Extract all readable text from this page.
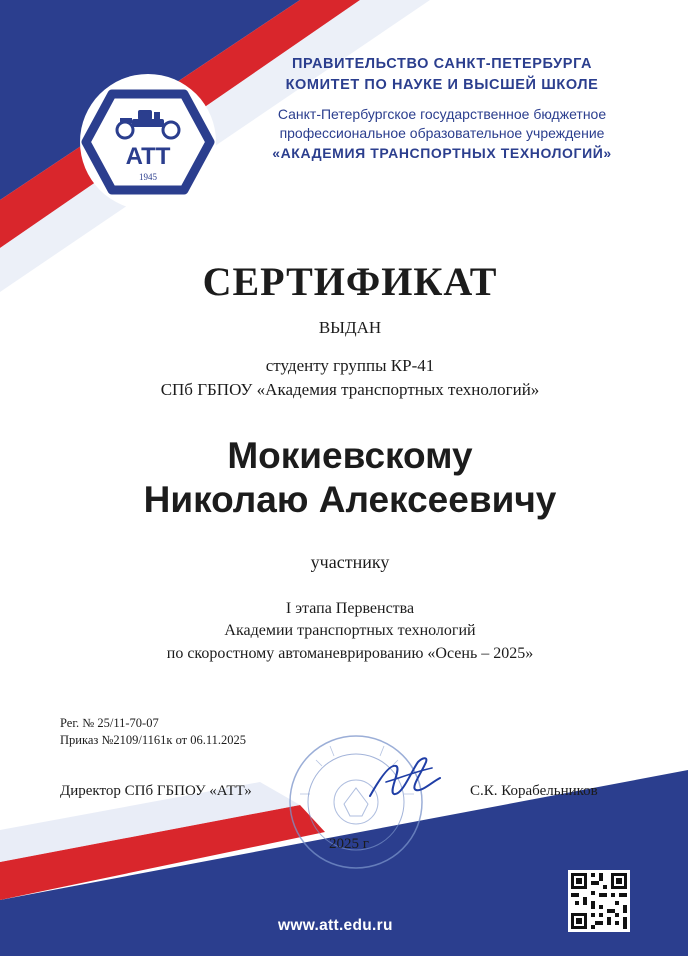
ПРАВИТЕЛЬСТВО САНКТ-ПЕТЕРБУРГА
КОМИТЕТ ПО НАУКЕ И ВЫСШЕЙ ШКОЛЕ
Санкт-Петербургское государственное бюджетное
профессиональное образовательное учреждение
«АКАДЕМИЯ ТРАНСПОРТНЫХ ТЕХНОЛОГИЙ»
ATT
1945
СЕРТИФИКАТ
ВЫДАН
студенту группы КР-41
СПб ГБПОУ «Академия транспортных технологий»
Мокиевскому
Николаю Алексеевичу
участнику
I этапа Первенства
Академии транспортных технологий
по скоростному автоманеврированию «Осень – 2025»
Рег. № 25/11-70-07
Приказ №2109/1161к от 06.11.2025
Директор СПб ГБПОУ «АТТ»	С.К. Корабельников
2025 г
www.att.edu.ru
